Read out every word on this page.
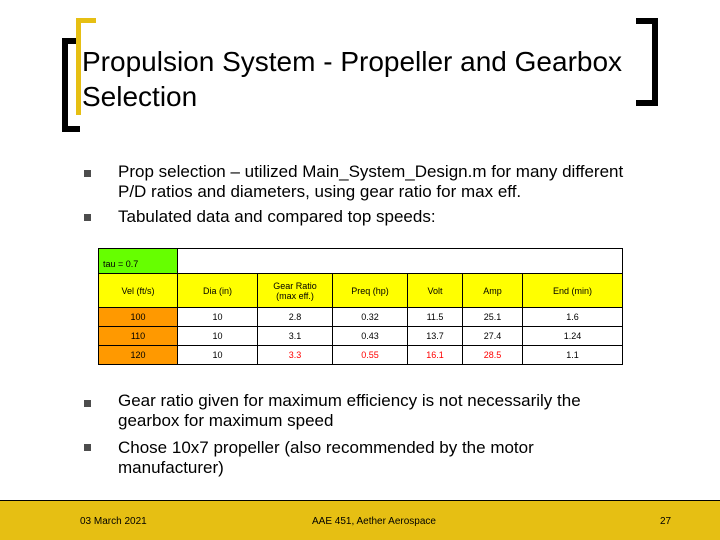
Propulsion System - Propeller and Gearbox Selection
Prop selection – utilized Main_System_Design.m for many different P/D ratios and diameters, using gear ratio for max eff.
Tabulated data and compared top speeds:
tau = 0.7
Vel (ft/s)	Dia (in)	Gear Ratio (max eff.)	Preq (hp)	Volt	Amp	End (min)
100	10	2.8	0.32	11.5	25.1	1.6
110	10	3.1	0.43	13.7	27.4	1.24
120	10	3.3	0.55	16.1	28.5	1.1
Gear ratio given for maximum efficiency is not necessarily the gearbox for maximum speed
Chose 10x7 propeller (also recommended by the motor manufacturer)
03 March 2021	AAE 451, Aether Aerospace	27
